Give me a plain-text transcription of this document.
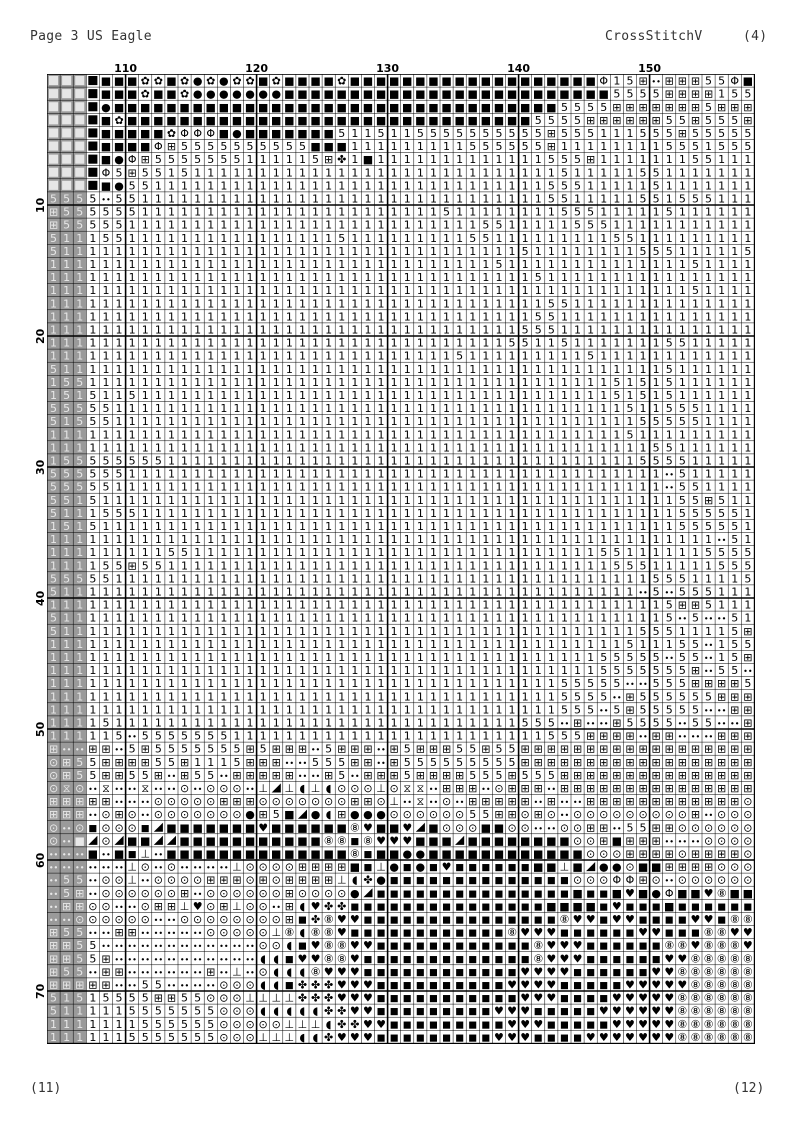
Page 3 US Eagle	CrossStitchV	(4)
110	120	130	140	150
10
20
30
40
50
60
70
■ ■ ■ ✿ ✿ ■ ✿ ● ✿ ● ✿ ✿ ■ ✿ ■ ■ ■ ■ ✿ ■ ■ ■ ■ ■ ■ ■ ■ ■ ■ ■ ■ ■ ■ ■ ■ ■ ■ ■ Φ 1 5 ⊞ •• ⊞ ⊞ ⊞ 5 5 Φ ■
■ ■ ■ ✿ ■ ■ ✿ ● ● ● ● ● ● ● ■ ■ ■ ■ ■ ■ ■ ■ ■ ■ ■ ■ ■ ■ ■ ■ ■ ■ ■ ■ ■ ■ ■ ■ ■ 5 5 5 5 ⊞ ⊞ ⊞ ⊞ 1 5 5
● ■ ■ ■ ■ ■ ■ ■ ■ ■ ■ ■ ■ ■ ■ ■ ■ ■ ■ ■ ■ ■ ■ ■ ■ ■ ■ ■ ■ ■ ■ ■ ■ ■ ■ 5 5 5 5 ⊞ ⊞ ⊞ ⊞ ⊞ ⊞ ⊞ 5 ⊞ ⊞ ⊞
■ ✿ ■ ■ ■ ■ ■ ■ ■ ■ ■ ■ ■ ■ ■ ■ ■ ■ ■ ■ ■ ■ ■ ■ ■ ■ ■ ■ ■ ■ ■ ■ ■ 5 5 5 5 ⊞ ⊞ ⊞ ⊞ ⊞ ⊞ 5 5 ⊞ 5 5 5 ⊞
■ ■ ■ ■ ■ ✿ Φ Φ Φ ■ ● ■ ■ ■ ■ ■ ■ ■ 5 1 1 5 1 1 5 5 5 5 5 5 5 5 5 5 ⊞ 5 5 5 1 1 1 5 5 5 ⊞ 5 5 5 5 5
■ ■ ■ ■ Φ ⊞ 5 5 5 5 5 5 5 5 5 5 ■ ■ ■ 1 1 1 1 1 1 1 1 1 5 5 5 5 5 5 ⊞ 1 1 1 1 1 1 1 1 5 5 5 1 5 5 5
■ ● Φ ⊞ 5 5 5 5 5 5 5 1 1 1 1 1 5 ⊞ ✤ 1 ■ 1 1 1 1 1 1 1 1 1 1 1 1 1 5 5 5 ⊞ 1 1 1 1 1 1 1 5 5 1 1 1
Φ 5 ⊞ 5 5 1 5 1 1 1 1 1 1 1 1 1 1 1 1 1 1 1 1 1 1 1 1 1 1 1 1 1 1 1 1 5 1 1 1 1 1 5 5 1 1 1 1 1 1 1
■ ● 5 5 1 1 1 1 1 1 1 1 1 1 1 1 1 1 1 1 1 1 1 1 1 1 1 1 1 1 1 1 1 1 5 5 5 1 1 1 1 1 5 1 1 1 1 1 1 1
5 5 5 5 •• 5 5 1 1 1 1 1 1 1 1 1 1 1 1 1 1 1 1 1 1 1 1 1 1 1 1 1 1 1 1 1 1 1 5 5 1 1 1 1 1 5 5 1 5 5 5 1 1 1
⊞ 5 5 5 5 5 5 1 1 1 1 1 1 1 1 1 1 1 1 1 1 1 1 1 1 1 1 1 1 1 5 1 1 1 1 1 1 1 1 5 5 5 1 1 1 1 1 5 1 1 1 1 1 1
⊞ 5 5 5 5 5 1 1 1 1 1 1 1 1 1 1 1 1 1 1 1 1 1 1 1 1 1 1 1 1 1 1 1 5 5 1 1 1 1 1 5 5 5 1 1 1 1 1 1 1 1 1 1 1
5 1 1 1 5 5 1 1 1 1 1 1 1 1 1 1 1 1 1 1 1 1 5 1 1 1 1 1 1 1 1 1 5 5 1 1 1 1 1 1 1 1 1 5 5 1 1 1 1 1 1 1 1 1
5 1 1 1 1 1 1 1 1 1 1 1 1 1 1 1 1 1 1 1 1 1 1 1 1 1 1 1 1 1 1 1 1 1 1 1 5 1 1 1 1 1 1 1 1 5 5 5 1 1 1 1 1 5
1 1 1 1 1 1 1 1 1 1 1 1 1 1 1 1 1 1 1 1 1 1 1 1 1 1 1 1 1 1 1 1 1 1 5 1 1 1 1 1 1 1 1 1 1 1 1 1 1 5 1 1 1 1
1 1 1 1 1 1 1 1 1 1 1 1 1 1 1 1 1 1 1 1 1 1 1 1 1 1 1 1 1 1 1 1 1 1 1 1 1 5 1 1 1 1 1 1 1 1 1 1 1 1 1 1 1 1
1 1 1 1 1 1 1 1 1 1 1 1 1 1 1 1 1 1 1 1 1 1 1 1 1 1 1 1 1 1 1 1 1 1 1 1 1 1 1 1 1 1 1 1 1 1 1 1 1 5 1 1 1 1
1 1 1 1 1 1 1 1 1 1 1 1 1 1 1 1 1 1 1 1 1 1 1 1 1 1 1 1 1 1 1 1 1 1 1 1 1 1 5 5 1 1 1 1 1 1 1 1 1 1 1 1 1 1
1 1 1 1 1 1 1 1 1 1 1 1 1 1 1 1 1 1 1 1 1 1 1 1 1 1 1 1 1 1 1 1 1 1 1 1 1 5 5 1 1 1 1 1 1 1 1 1 1 1 1 1 1 1
1 1 1 1 1 1 1 1 1 1 1 1 1 1 1 1 1 1 1 1 1 1 1 1 1 1 1 1 1 1 1 1 1 1 1 1 5 5 5 1 1 1 1 1 1 1 1 1 1 1 1 1 1 1
1 1 1 1 1 1 1 1 1 1 1 1 1 1 1 1 1 1 1 1 1 1 1 1 1 1 1 1 1 1 1 1 1 1 1 5 5 1 1 5 1 1 1 1 1 1 1 5 5 1 1 1 1 1
1 1 1 1 1 1 1 1 1 1 1 1 1 1 1 1 1 1 1 1 1 1 1 1 1 1 1 1 1 1 1 5 1 1 1 1 1 1 1 1 1 5 1 1 1 1 1 1 1 1 1 1 1 1
5 1 1 1 1 1 1 1 1 1 1 1 1 1 1 1 1 1 1 1 1 1 1 1 1 1 1 1 1 1 1 1 1 1 1 1 1 1 1 1 1 1 1 1 1 1 1 5 1 1 1 1 1 1
1 5 5 1 1 1 1 1 1 1 1 1 1 1 1 1 1 1 1 1 1 1 1 1 1 1 1 1 1 1 1 1 1 1 1 1 1 1 1 1 1 1 1 5 1 5 1 5 1 1 1 1 1 1
1 5 1 5 1 1 5 1 1 1 1 1 1 1 1 1 1 1 1 1 1 1 1 1 1 1 1 1 1 1 1 1 1 1 1 1 1 1 1 1 1 1 1 5 1 5 1 5 1 1 1 1 1 1
5 5 5 5 5 1 1 1 1 1 1 1 1 1 1 1 1 1 1 1 1 1 1 1 1 1 1 1 1 1 1 1 1 1 1 1 1 1 1 1 1 1 1 1 5 1 1 5 5 5 1 1 1 1
5 1 5 5 5 1 1 1 1 1 1 1 1 1 1 1 1 1 1 1 1 1 1 1 1 1 1 1 1 1 1 1 1 1 1 1 1 1 1 1 1 1 1 1 1 5 5 5 5 5 1 1 1 1
1 1 1 1 1 1 1 1 1 1 1 1 1 1 1 1 1 1 1 1 1 1 1 1 1 1 1 1 1 1 1 1 1 1 1 1 1 1 1 1 1 1 1 1 5 1 1 1 1 1 1 1 1 1
1 1 1 1 1 1 1 1 1 1 1 1 1 1 1 1 1 1 1 1 1 1 1 1 1 1 1 1 1 1 1 1 1 1 1 1 1 1 1 1 1 1 1 1 1 1 5 5 1 1 1 1 1 1
1 5 5 5 5 5 5 5 5 1 1 1 1 1 1 1 1 1 1 1 1 1 1 1 1 1 1 1 1 1 1 1 1 1 1 1 1 1 1 1 1 1 1 1 1 5 5 5 5 1 1 1 1 1
5 5 5 5 5 5 1 1 1 1 1 1 1 1 1 1 1 1 1 1 1 1 1 1 1 1 1 1 1 1 1 1 1 1 1 1 1 1 1 1 1 1 1 1 1 1 1 •• 5 1 1 1 1 1
5 5 5 5 5 1 1 1 1 1 1 1 1 1 1 1 1 1 1 1 1 1 1 1 1 1 1 1 1 1 1 1 1 1 1 1 1 1 1 1 1 1 1 1 1 1 1 •• 5 5 1 1 1 1
5 5 1 5 1 1 1 1 1 1 1 1 1 1 1 1 1 1 1 1 1 1 1 1 1 1 1 1 1 1 1 1 1 1 1 1 1 1 1 1 1 1 1 1 1 1 1 1 5 5 ⊞ 5 1 1
5 1 1 1 5 5 5 1 1 1 1 1 1 1 1 1 1 1 1 1 1 1 1 1 1 1 1 1 1 1 1 1 1 1 1 1 1 1 1 1 1 1 1 1 1 1 1 1 5 5 5 5 5 1
1 5 1 5 1 1 1 1 1 1 1 1 1 1 1 1 1 1 1 1 1 1 1 1 1 1 1 1 1 1 1 1 1 1 1 1 1 1 1 1 1 1 1 1 1 1 1 1 5 5 5 5 5 1
1 1 1 1 1 1 1 1 1 1 1 1 1 1 1 1 1 1 1 1 1 1 1 1 1 1 1 1 1 1 1 1 1 1 1 1 1 1 1 1 1 1 1 1 1 1 1 1 1 1 1 •• 5 1
1 1 1 1 1 1 1 1 1 5 5 1 1 1 1 1 1 1 1 1 1 1 1 1 1 1 1 1 1 1 1 1 1 1 1 1 1 1 1 1 1 1 5 5 1 1 1 1 1 1 5 5 5 5
1 1 1 1 5 5 ⊞ 5 5 1 1 1 1 1 1 1 1 1 1 1 1 1 1 1 1 1 1 1 1 1 1 1 1 1 1 1 1 1 1 1 1 1 1 5 5 5 1 1 1 1 1 5 5 5
5 5 5 5 5 1 1 1 1 1 1 1 1 1 1 1 1 1 1 1 1 1 1 1 1 1 1 1 1 1 1 1 1 1 1 1 1 1 1 1 1 1 1 1 1 1 5 5 5 1 1 1 1 5
5 1 1 1 1 1 1 1 1 1 1 1 1 1 1 1 1 1 1 1 1 1 1 1 1 1 1 1 1 1 1 1 1 1 1 1 1 1 1 1 1 1 1 1 1 •• 5 •• 5 5 5 1 1 1
1 1 1 1 1 1 1 1 1 1 1 1 1 1 1 1 1 1 1 1 1 1 1 1 1 1 1 1 1 1 1 1 1 1 1 1 1 1 1 1 1 1 1 1 1 1 1 5 ⊞ ⊞ 5 1 1 1
5 1 1 1 1 1 1 1 1 1 1 1 1 1 1 1 1 1 1 1 1 1 1 1 1 1 1 1 1 1 1 1 1 1 1 1 1 1 1 1 1 1 1 1 1 1 1 5 •• 5 •• •• 5 1
5 1 1 1 1 1 1 1 1 1 1 1 1 1 1 1 1 1 1 1 1 1 1 1 1 1 1 1 1 1 1 1 1 1 1 1 1 1 1 1 1 1 1 1 1 5 5 5 1 1 1 1 5 ⊞
1 1 1 1 1 1 1 1 1 1 1 1 1 1 1 1 1 1 1 1 1 1 1 1 1 1 1 1 1 1 1 1 1 1 1 1 1 1 1 1 1 1 1 1 5 1 1 1 5 5 •• 1 5 5
1 1 1 1 1 1 1 1 1 1 1 1 1 1 1 1 1 1 1 1 1 1 1 1 1 1 1 1 1 1 1 1 1 1 1 1 1 1 1 1 1 1 5 5 5 5 5 •• 5 5 •• 1 5 ⊞
1 1 1 1 1 1 1 1 1 1 1 1 1 1 1 1 1 1 1 1 1 1 1 1 1 1 1 1 1 1 1 1 1 1 1 1 1 1 1 1 1 1 5 5 5 5 5 5 5 ⊞ •• 5 5 ••
1 1 1 1 1 1 1 1 1 1 1 1 1 1 1 1 1 1 1 1 1 1 1 1 1 1 1 1 1 1 1 1 1 1 1 1 1 1 1 5 5 5 5 5 •• •• 5 5 5 ⊞ ⊞ ⊞ ⊞ 5
1 1 1 1 1 1 1 1 1 1 1 1 1 1 1 1 1 1 1 1 1 1 1 1 1 1 1 1 1 1 1 1 1 1 1 1 1 1 1 5 5 5 5 •• ⊞ 5 5 5 5 5 5 ⊞ ⊞ ⊞
1 1 1 1 1 1 1 1 1 1 1 1 1 1 1 1 1 1 1 1 1 1 1 1 1 1 1 1 1 1 1 1 1 1 1 1 1 1 1 5 5 5 •• 5 ⊞ 5 5 5 5 5 •• •• ⊞ ⊞
1 1 1 1 5 1 1 1 1 1 1 1 1 1 1 1 1 1 1 1 1 1 1 1 1 1 1 1 1 1 1 1 1 1 1 1 5 5 5 •• ⊞ •• •• ⊞ 5 5 5 5 •• 5 5 •• •• ⊞
1 1 1 1 1 5 •• 5 5 5 5 5 5 5 1 1 1 1 1 1 1 1 1 1 1 1 1 1 1 1 1 1 1 1 1 1 1 1 5 5 5 ⊞ ⊞ ⊞ ⊞ •• ⊞ ⊞ •• •• •• ⊞ ⊞ ⊞
⊞ •• •• ⊞ ⊞ •• 5 ⊞ 5 5 5 5 5 5 5 ⊞ 5 ⊞ ⊞ ⊞ •• 5 ⊞ ⊞ ⊞ •• ⊞ 5 ⊞ ⊞ ⊞ 5 5 ⊞ 5 5 ⊞ ⊞ ⊞ ⊞ ⊞ ⊞ ⊞ ⊞ ⊞ ⊞ ⊞ ⊞ ⊞ ⊞ ⊞ ⊞ ⊞ ⊞
⊙ ⊞ 5 5 ⊞ ⊞ ⊞ ⊞ 5 5 ⊞ 1 1 1 5 ⊞ ⊞ ⊞ •• •• 5 5 5 ⊞ ⊞ •• ⊞ 5 5 5 5 5 5 5 5 5 ⊞ ⊞ ⊞ ⊞ ⊞ ⊞ ⊞ ⊞ ⊞ ⊞ ⊞ ⊞ ⊞ ⊞ ⊞ ⊞ ⊞ ⊞
⊙ ⊞ 5 5 ⊞ ⊞ 5 5 ⊞ •• ⊞ 5 5 •• ⊞ ⊞ ⊞ ⊞ ⊞ •• •• ⊞ 5 •• ⊞ ⊞ ⊞ 5 ⊞ ⊞ ⊞ ⊞ 5 5 5 ⊞ 5 5 5 ⊞ ⊞ ⊞ ⊞ ⊞ ⊞ ⊞ ⊞ ⊞ ⊞ ⊞ ⊞ ⊞ ⊞ ⊞
⊙ ⧖ ⊙ •• ⧖ •• •• ⧖ •• •• ⊙ •• ⊙ ⊙ ⊙ •• ⊥ ⊥ ◖ ⊥ ◖ ⊙ ⊙ ⊙ ⊥ ⊙ ⧖ ⧖ •• ⊞ ⊞ ⊞ •• ⊙ ⊞ ⊞ ⊞ •• ⊞ ⊞ ⊞ ⊞ ⊞ ⊞ ⊞ ⊞ ⊞ ⊞ ⊞ ⊞ ⊞ ⊞ ⊞
⊞ ⊞ ⊞ ⊞ ⊞ •• •• •• ⊙ ⊙ ⊙ ⊙ ⊙ ⊞ ⊞ ⊞ ⊙ ⊙ ⊙ ⊙ ⊙ ⊙ ⊙ ⊞ ⊞ ⊙ ⊥ •• ⧖ •• ⊙ •• ⊞ ⊞ ⊞ ⊞ ⊞ •• ⊞ •• •• ⊞ ⊞ ⊞ ⊞ ⊞ ⊞ ⊞ ⊞ ⊞ ⊞ ⊞ ⊞ ⊙
⊞ ⊞ ⊞ •• ⊙ ⊞ ⊙ •• ⊙ ⊙ ⊙ ⊙ ⊙ ⊙ ⊙ ● ⊞ 5 ■ ● ◖ ⊞ ● ● ● ⊙ ⊙ ⊙ ⊙ ⊙ ⊙ 5 5 ⊞ ⊞ ⊙ ⊞ ⊙ •• ⊙ ⊙ ⊙ ⊙ ⊙ ⊙ ⊙ ⊙ ⊙ ⊞ •• ⊙ ⊙ ⊙
⊙ •• ⊙ ◼ ⊙ ⊙ ⊙ ◼ ■ ■ ■ ■ ■ ■ ■ ♥ ■ ■ ■ ■ ■ ■ ⑧ ♥ ■ ■ ♥ ■ ⊙ ⊙ ⊙ ■ ■ ⊙ ⊙ •• •• ⊙ ⊙ ⊞ ⊞ •• 5 5 ⊞ ⊞ ⊙ ⊙ ⊙ ⊙ ⊙ ⊙
⊙ •• ■ ⊙ ■ ■	■ ■ ■ ■ ■ ■ ■ ■ ■ ■ ■ ⑧ ⑧ ◼ ⑧ ♥ ♥ ♥ ■ ■ ■ ■ ■ ■ ■ ■ ■ ■ ■ ⊙ ⊙ ⊞ ■ ⊞ ⊞ ⊞ •• •• •• ⊙ ⊙ ⊙ ⊙
•• •• •• ■ •• ■ ◼ ⊥ •• ■ ■ ■ ■ ■ ■ ■ ■ ■ ■ ■ ■ ■ ■ ⑧ ◼ ■ ■ ● ● ■ ■ ■ ■ ■ ■ ■ ■ ■ ■ ■ ■ ⊙ ⊙ ⊙ ⊞ ⊞ ⊞ ⊞ ⊙ ⊞ ⊞ ⊞ ⊞ ⊙
•• •• •• •• •• •• ⊥ ⊙ •• ⊙ •• •• •• •• ⊥ ⊙ ⊙ ⊙ ⊙ ⊞ ⊞ ⊞ ⊞ ■ ◼ ⊥ ● ◼ ● ◼ ♥ ◼ ◼ ◼ ◼ ◼ ◼ ■ ■ ⊥ ■ ● ● ⊙ ■ ■ ⊞ ⊞ ⊞ ⊞ ⊙ ⊙ ⊙
•• 5 5 •• ⊙ ⊙ ⊥ •• ⊙ ⊙ ⊙ ⊙ ⊞ ⊞ ⊞ ⊙ ⊞ ⊙ ⊞ ⊞ ⊞ ⊞ ⊥ ◖ ✤ ● ◼ ◼ ◼ ◼ ◼ ◼ ◼ ◼ ◼ ◼ ◼ ◼ ◼ ◼ ⊙ ⊙ ⊙ Φ Φ ⊞ ⊙ •• ⊙ ⊙ ⊙ ⊙ ⊙ ⊙
•• 5 ⊞ •• ⊙ ⊙ ⊙ ⊙ ⊙ ⊙ ⊞ •• ⊙ ⊙ ⊙ ⊙ ⊙ ⊙ ⊞ ⊙ ⊙ ⊙ ⊙ ● ◼ ◼ ◼ ◼ ◼ ◼ ◼ ◼ ◼ ◼ ◼ ◼ ◼ ◼ ◼ ■ ◼ ◼ ■ ♥ ■ ● Φ ■ ■ ♥ ⑧ ■ ■
•• ⊞ ⊞ ⊙ ⊙ •• •• ⊙ ⊞ ⊞ ⊥ ♥ ⊙ ⊞ ⊥ ⊙ ⊙ •• ⊞ ◖ ♥ ✤ ✤ ◼ ◼ ◼ ◼ ◼ ◼ ◼ ◼ ◼ ◼ ◼ ◼ ◼ ◼ ◼ ■ ■ ■ ■ ◼ ♥ ◼ ◼ ◼ ■ ◼ ◼ ◼ ◼ ◼ ◼
•• •• ⊙ ⊙ ⊙ ⊙ ⊙ ⊙ •• •• ⊙ ⊙ ⊙ ⊙ ⊙ ⊙ ⊙ ⊙ ⊞ ◼ ✤ ⑧ ♥ ♥ ◼ ◼ ◼ ◼ ◼ ◼ ◼ ◼ ◼ ◼ ◼ ◼ ◼ ◼ ◼ ⑧ ♥ ♥ ◼ ♥ ♥ ◼ ◼ ◼ ◼ ♥ ♥ ◼ ⑧ ⑧
⊞ 5 5 •• •• ⊞ ⊞ •• •• •• •• •• ⊙ ⊙ ⊙ ⊙ ⊙ ⊥ ⑧ ◖ ⑧ ⑧ ♥ ◼ ◼ ◼ ◼ ◼ ◼ ◼ ◼ ◼ ◼ ◼ ◼ ⑧ ♥ ♥ ♥ ◼ ◼ ◼ ◼ ◼ ◼ ♥ ♥ ◼ ◼ ◼ ⑧ ⑧ ♥ ♥
⊞ ⊞ 5 5 •• •• •• •• •• •• •• •• •• •• •• •• ⊙ ⊙ ◖ ◼ ♥ ⑧ ⑧ ♥ ♥ ◼ ◼ ◼ ◼ ◼ ◼ ◼ ◼ ◼ ◼ ◼ ◼ ⑧ ♥ ♥ ♥ ◼ ◼ ◼ ◼ ◼ ◼ ⑧ ⑧ ♥ ⑧ ⑧ ⑧ ♥
⊞ ⊞ 5 5 ⊞ •• •• •• •• •• •• •• •• •• •• •• ◖ ◖ ◼ ♥ ♥ ⑧ ⑧ ♥ ◼ ◼ ◼ ◼ ◼ ◼ ◼ ◼ ◼ ◼ ◼ ◼ ◼ ⑧ ♥ ♥ ♥ ◼ ◼ ◼ ◼ ◼ ◼ ♥ ♥ ⑧ ⑧ ⑧ ⑧ ⑧
⊞ 5 5 •• ⊞ ⊞ •• •• •• •• •• •• ⊞ •• ⊥ •• ⊙ ◖ ◖ ◖ ⑧ ♥ ♥ ♥ ◼ ◼ ◼ ◼ ◼ ◼ ◼ ◼ ◼ ◼ ◼ ◼ ♥ ♥ ♥ ♥ ◼ ◼ ◼ ◼ ◼ ◼ ♥ ♥ ⑧ ⑧ ⑧ ⑧ ⑧ ⑧
⊞ ⊞ ⊞ ⊞ ⊞ •• •• 5 5 •• •• •• •• ⊙ ⊙ ⊙ ◖ ◖ ◼ ✤ ✤ ✤ ♥ ♥ ♥ ◼ ◼ ◼ ◼ ◼ ◼ ◼ ◼ ◼ ◼ ♥ ♥ ♥ ♥ ◼ ◼ ◼ ◼ ◼ ♥ ♥ ♥ ♥ ♥ ⑧ ⑧ ⑧ ⑧ ⑧
5 1 5 1 5 5 5 5 ⊞ ⊞ 5 5 ⊙ ⊙ ⊙ ⊥ ⊥ ⊥ ⊥ ✤ ✤ ✤ ♥ ♥ ♥ ◼ ◼ ◼ ◼ ◼ ◼ ◼ ◼ ◼ ◼ ◼ ♥ ♥ ♥ ◼ ◼ ◼ ◼ ♥ ♥ ♥ ♥ ♥ ⑧ ⑧ ⑧ ⑧ ⑧ ⑧
5 1 1 1 1 1 5 5 5 5 5 5 5 ⊙ ⊙ ⊙ ◖ ◖ ◖ ◖ ◖ ✤ ✤ ♥ ♥ ◼ ◼ ◼ ◼ ◼ ◼ ◼ ◼ ◼ ♥ ♥ ♥ ◼ ◼ ◼ ◼ ◼ ♥ ♥ ♥ ♥ ♥ ♥ ⑧ ⑧ ⑧ ⑧ ⑧ ⑧
1 1 1 1 1 1 1 5 5 5 5 5 5 ⊙ ⊙ ⊙ ⊙ ⊙ ⊥ ⊥ ⊥ ◖ ✤ ✤ ♥ ♥ ◼ ◼ ◼ ◼ ◼ ◼ ◼ ◼ ◼ ♥ ♥ ♥ ◼ ◼ ◼ ◼ ◼ ♥ ♥ ♥ ♥ ♥ ⑧ ⑧ ⑧ ⑧ ⑧ ⑧
1 1 1 1 1 1 5 5 5 5 5 5 5 ⊙ ⊙ ⊙ ⊥ ⊥ ⊥ ◖ ◖ ✤ ♥ ♥ ♥ ◼ ◼ ◼ ◼ ◼ ◼ ◼ ◼ ◼ ♥ ♥ ♥ ◼ ◼ ◼ ◼ ♥ ♥ ♥ ♥ ♥ ♥ ♥ ⑧ ⑧ ⑧ ⑧ ⑧ ⑧
(11)	(12)
